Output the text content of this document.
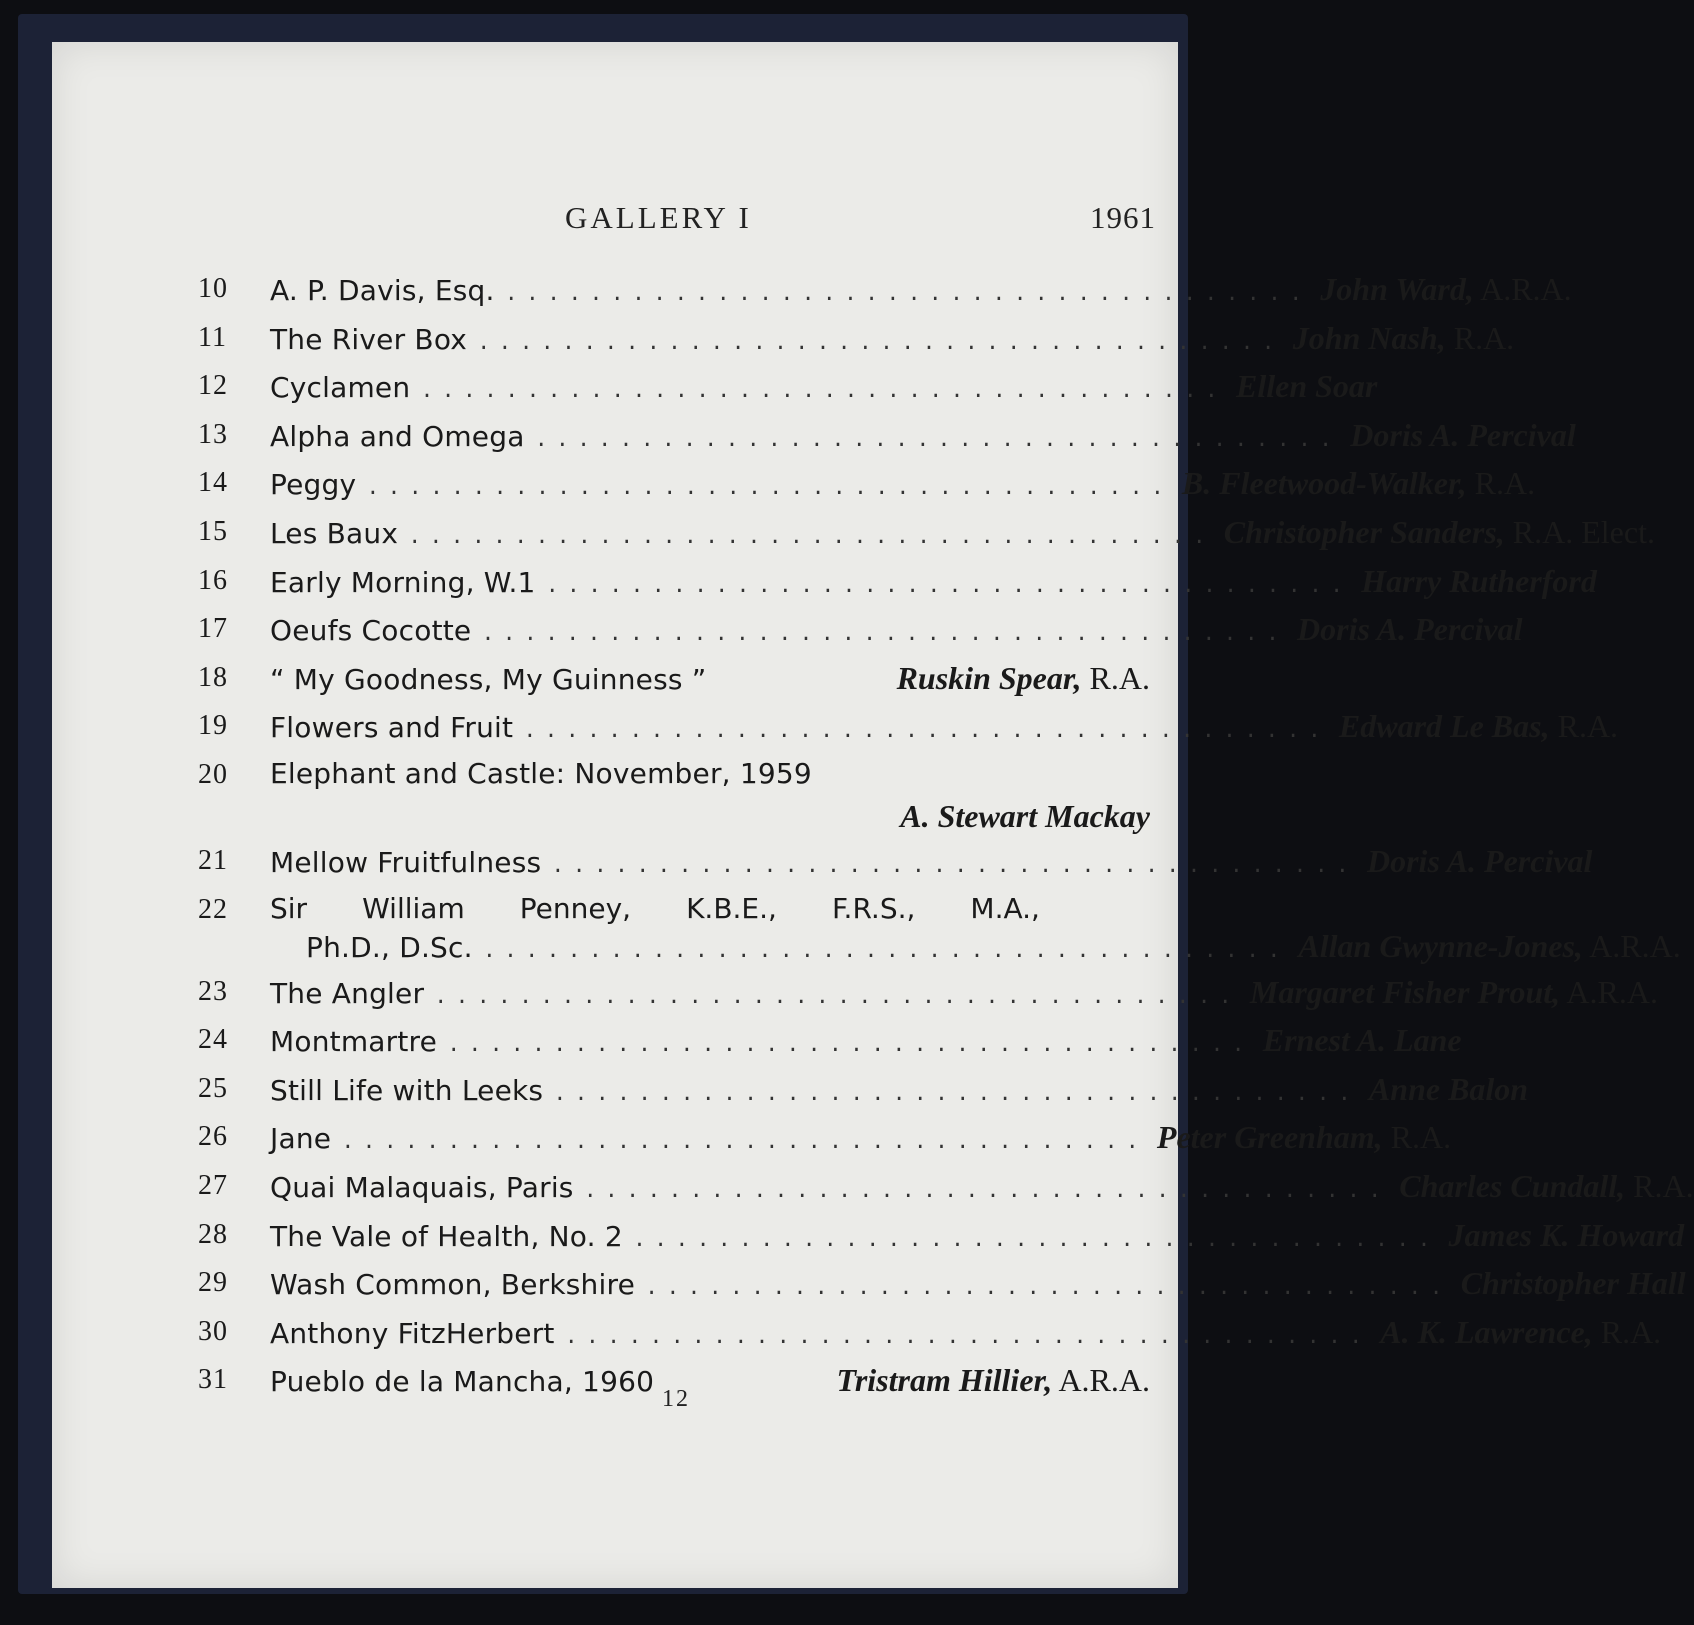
GALLERY I	1961
10	A. P. Davis, Esq. ...................................... John Ward, A.R.A.
11	The River Box ...................................... John Nash, R.A.
12	Cyclamen ...................................... Ellen Soar
13	Alpha and Omega ...................................... Doris A. Percival
14	Peggy ...................................... B. Fleetwood-Walker, R.A.
15	Les Baux ...................................... Christopher Sanders, R.A. Elect.
16	Early Morning, W.1 ...................................... Harry Rutherford
17	Oeufs Cocotte ...................................... Doris A. Percival
18	“ My Goodness, My Guinness ”	Ruskin Spear, R.A.
19	Flowers and Fruit ...................................... Edward Le Bas, R.A.
20	Elephant and Castle: November, 1959
A. Stewart Mackay
21	Mellow Fruitfulness ...................................... Doris A. Percival
22	Sir William Penney, K.B.E., F.R.S., M.A.,
Ph.D., D.Sc. ...................................... Allan Gwynne-Jones, A.R.A.
23	The Angler ...................................... Margaret Fisher Prout, A.R.A.
24	Montmartre ...................................... Ernest A. Lane
25	Still Life with Leeks ...................................... Anne Balon
26	Jane ...................................... Peter Greenham, R.A.
27	Quai Malaquais, Paris ...................................... Charles Cundall, R.A.
28	The Vale of Health, No. 2 ...................................... James K. Howard
29	Wash Common, Berkshire ...................................... Christopher Hall
30	Anthony FitzHerbert ...................................... A. K. Lawrence, R.A.
31	Pueblo de la Mancha, 1960	Tristram Hillier, A.R.A.
12
